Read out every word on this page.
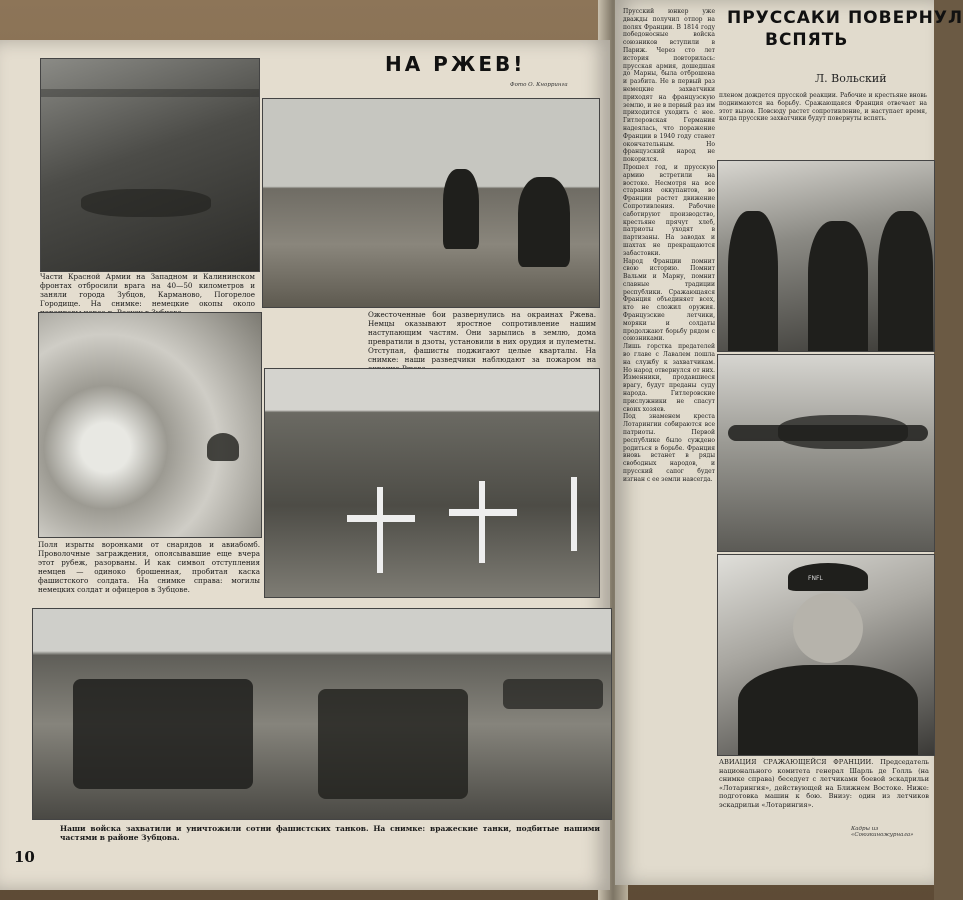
НА РЖЕВ!
Фото О. Кнорринга
Части Красной Армии на Западном и Калининском фронтах отбросили врага на 40—50 километров и заняли города Зубцов, Карманово, Погорелое Городище. На снимке: немецкие окопы около
Ожесточенные бои развернулись на окраинах Ржева. Немцы оказывают яростное сопротивление нашим наступающим частям. Они зарылись в землю, дома превратили в дзоты, установили в них орудия и пулеметы. Отступая, фашисты поджигают целые кварталы. На снимке: наши разведчики наблюдают за пожаром на
Поля изрыты воронками от снарядов и авиабомб. Проволочные заграждения, опоясывавшие еще вчера этот рубеж, разорваны. И как символ отступления немцев — одиноко брошенная, пробитая каска фашистского солдата. На снимке справа: могилы немецких солдат и офицеров в Зубцове.
Наши войска захватили и уничтожили сотни фашистских танков. На снимке: вражеские танки, подбитые нашими частями в районе Зубцова.
10
Прусский юнкер уже дважды получил отпор на полях Франции. В 1814 году победоносные войска союзников вступили в Париж. Через сто лет история повторилась: прусская армия, дошедшая до Марны, была отброшена и разбита. Не в первый раз немецкие захватчики приходят на французскую землю, и не в первый раз им приходится уходить с нее. Гитлеровская Германия надеялась, что поражение Франции в 1940 году станет окончательным. Но французский народ не покорился.
Прошел год, и прусскую армию встретили на востоке. Несмотря на все старания оккупантов, во Франции растет движение Сопротивления. Рабочие саботируют производство, крестьяне прячут хлеб, патриоты уходят в партизаны. На заводах и шахтах не прекращаются забастовки.
Народ Франции помнит свою историю. Помнит Вальми и Марну, помнит славные традиции республики. Сражающаяся Франция объединяет всех, кто не сложил оружия. Французские летчики, моряки и солдаты продолжают борьбу рядом с союзниками.
Лишь горстка предателей во главе с Лавалем пошла на службу к захватчикам. Но народ отвернулся от них. Изменники, продавшиеся врагу, будут преданы суду народа. Гитлеровские прислужники не спасут своих хозяев.
Под знаменем креста Лотарингии собираются все патриоты. Первой республике было суждено родиться в борьбе. Франция вновь встанет в ряды свободных народов, и прусский сапог будет изгнан с ее земли навсегда.
ПРУССАКИ ПОВЕРНУЛ
ВСПЯТЬ
Л. Вольский
пленом дождется прусской реакции. Рабочие и крестьяне вновь поднимаются на борьбу. Сражающаяся Франция отвечает на этот вызов. Повсюду растет сопротивление, и наступает время, когда прусские захватчики будут повернуты вспять.
FNFL
АВИАЦИЯ СРАЖАЮЩЕЙСЯ ФРАНЦИИ. Председатель национального комитета генерал Шарль де Голль (на снимке справа) беседует с летчиками боевой эскадрильи «Лотарингия», действующей на Ближнем Востоке. Ниже: подготовка машин к бою. Внизу: один из летчиков эскадрильи «Лотарингия».
Кадры из «Союзкиножурнала»
